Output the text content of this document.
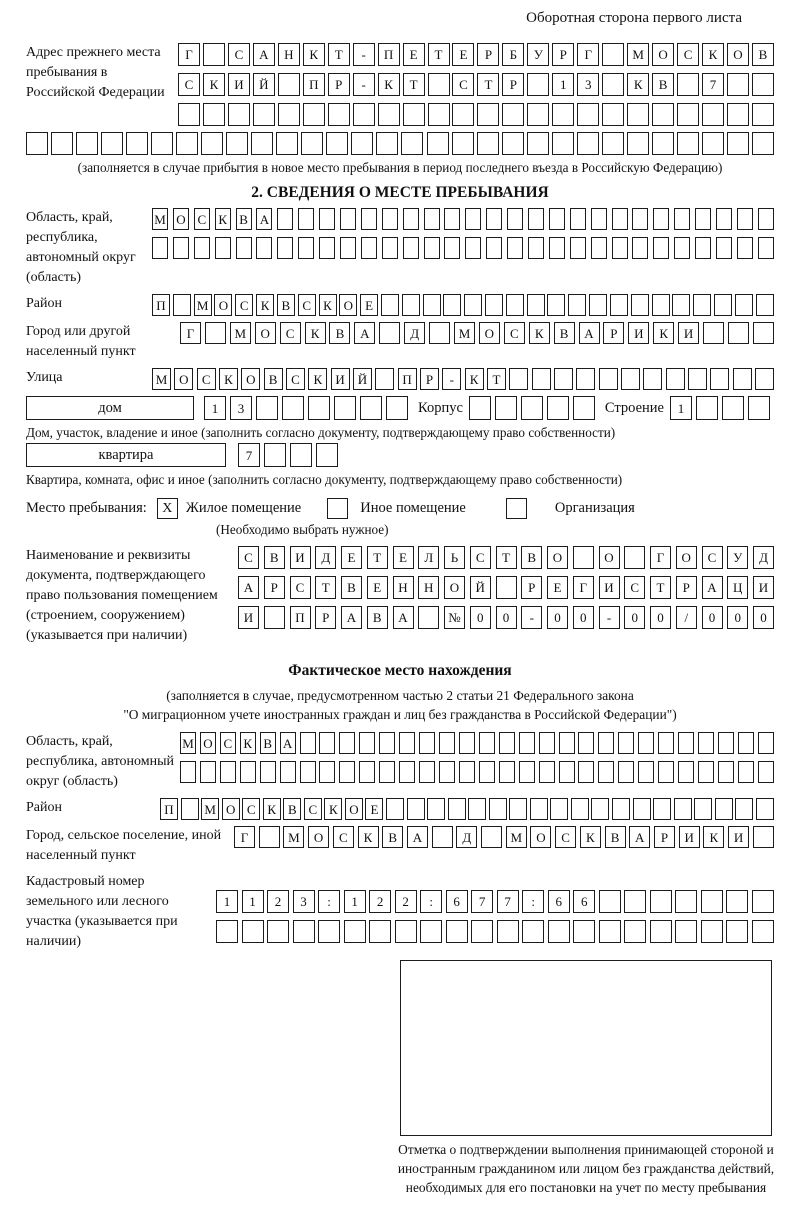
Оборотная сторона первого листа
Адрес прежнего места пребывания в Российской Федерации
Г	С	А	Н	К	Т	-	П	Е	Т	Е	Р	Б	У	Р	Г	М	О	С	К	О	В
С	К	И	Й	П	Р	-	К	Т	С	Т	Р	1	3	К	В	7
(заполняется в случае прибытия в новое место пребывания в период последнего въезда в Российскую Федерацию)
2. СВЕДЕНИЯ О МЕСТЕ ПРЕБЫВАНИЯ
Область, край, республика, автономный округ (область)
М О С К В А
Район	П	М О С К В С К О Е
Город или другой населенный пункт
Г	М	О	С	К	В	А	Д	М	О	С	К	В	А	Р	И	К	И
Улица	М О	С	К	О	В	С	К	И Й	П	Р	-	К	Т
дом	1	3	Корпус	Строение	1
Дом, участок, владение и иное (заполнить согласно документу, подтверждающему право собственности)
квартира	7
Квартира, комната, офис и иное (заполнить согласно документу, подтверждающему право собственности)
Место пребывания:	X Жилое помещение	Иное помещение	Организация
(Необходимо выбрать нужное)
Наименование и реквизиты документа, подтверждающего право пользования помещением (строением, сооружением) (указывается при наличии)
С	В	И	Д	Е	Т	Е	Л	Ь	С	Т	В	О	О	Г	О	С	У	Д
А	Р	С	Т	В	Е	Н	Н	О	Й	Р	Е	Г	И	С	Т	Р	А	Ц	И
И	П	Р	А	В	А	№	0	0	-	0	0	-	0	0	/	0	0	0
Фактическое место нахождения
(заполняется в случае, предусмотренном частью 2 статьи 21 Федерального закона
"О миграционном учете иностранных граждан и лиц без гражданства в Российской Федерации")
Область, край, республика, автономный округ (область)
М О С К В А
Район	П	М О С К В С К О Е
Город, сельское поселение, иной населенный пункт
Г	М	О	С	К	В	А	Д	М	О	С	К	В	А	Р	И	К	И
Кадастровый номер земельного или лесного участка (указывается при наличии)
1	1	2	3	:	1	2	2	:	6	7	7	:	6	6
Отметка о подтверждении выполнения принимающей стороной и иностранным гражданином или лицом без гражданства действий, необходимых для его постановки на учет по месту пребывания
